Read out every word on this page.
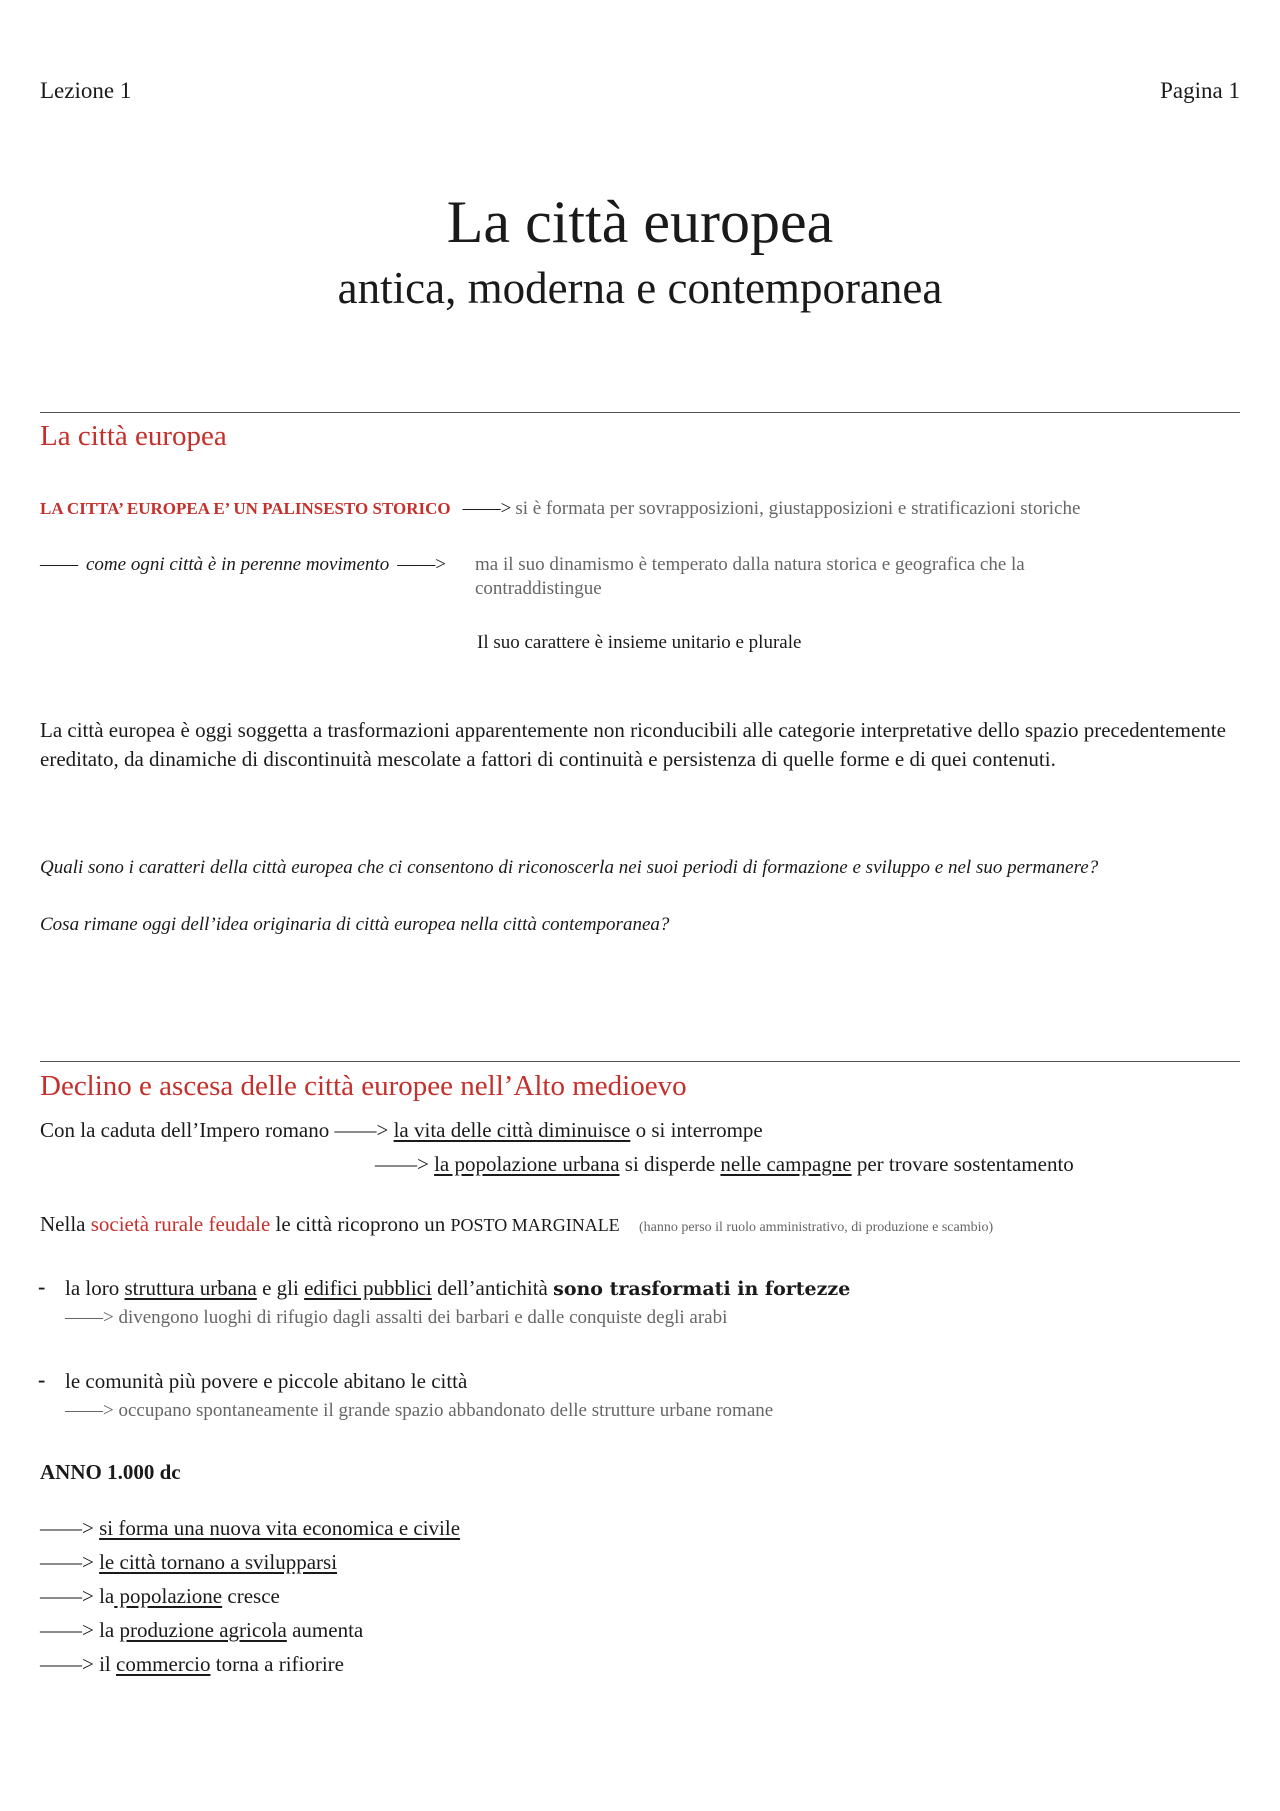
Lezione 1	Pagina 1
La città europea
antica, moderna e contemporanea
La città europea
LA CITTA’ EUROPEA E’ UN PALINSESTO STORICO ——> si è formata per sovrapposizioni, giustapposizioni e stratificazioni storiche
—— come ogni città è in perenne movimento ——> ma il suo dinamismo è temperato dalla natura storica e geografica che la contraddistingue
Il suo carattere è insieme unitario e plurale
La città europea è oggi soggetta a trasformazioni apparentemente non riconducibili alle categorie interpretative dello spazio precedentemente ereditato, da dinamiche di discontinuità mescolate a fattori di continuità e persistenza di quelle forme e di quei contenuti.
Quali sono i caratteri della città europea che ci consentono di riconoscerla nei suoi periodi di formazione e sviluppo e nel suo permanere?
Cosa rimane oggi dell’idea originaria di città europea nella città contemporanea?
Declino e ascesa delle città europee nell’Alto medioevo
Con la caduta dell’Impero romano ——> la vita delle città diminuisce o si interrompe
——> la popolazione urbana si disperde nelle campagne per trovare sostentamento
Nella società rurale feudale le città ricoprono un POSTO MARGINALE (hanno perso il ruolo amministrativo, di produzione e scambio)
- la loro struttura urbana e gli edifici pubblici dell’antichità sono trasformati in fortezze
——> divengono luoghi di rifugio dagli assalti dei barbari e dalle conquiste degli arabi
- le comunità più povere e piccole abitano le città
——> occupano spontaneamente il grande spazio abbandonato delle strutture urbane romane
ANNO 1.000 dc
——> si forma una nuova vita economica e civile
——> le città tornano a svilupparsi
——> la popolazione cresce
——> la produzione agricola aumenta
——> il commercio torna a rifiorire
